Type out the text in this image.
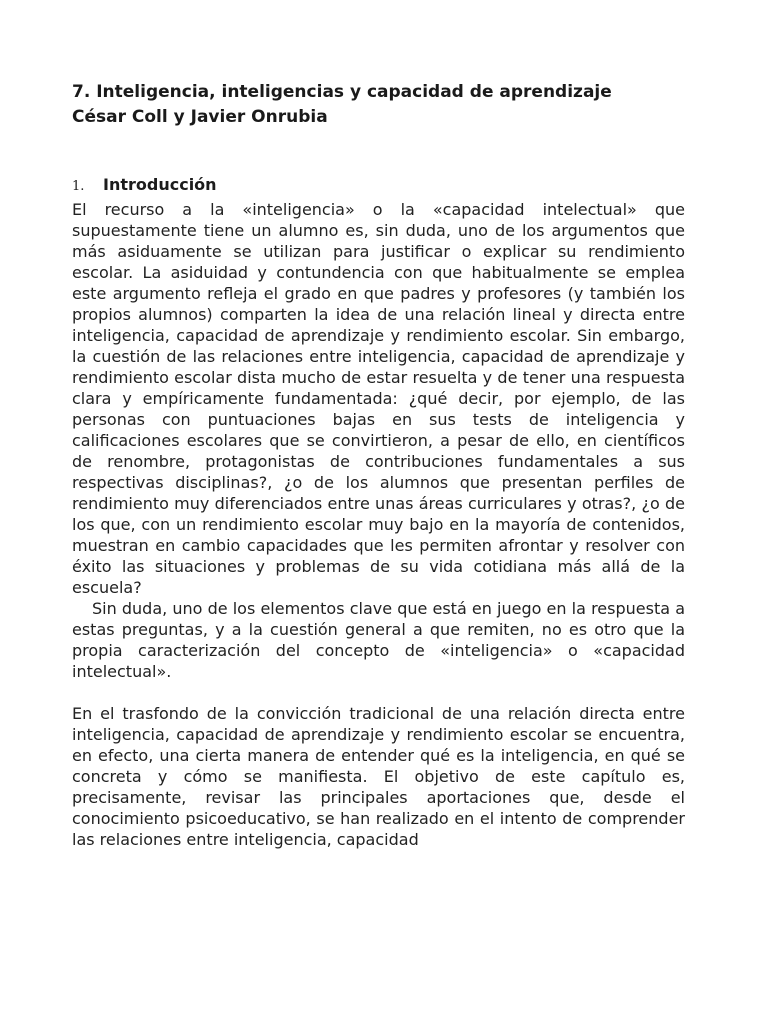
7. Inteligencia, inteligencias y capacidad de aprendizaje
César Coll y Javier Onrubia
1.	Introducción

El recurso a la «inteligencia» o la «capacidad intelectual» que supuestamente tiene un alumno es, sin duda, uno de los argumentos que más asiduamente se utilizan para justificar o explicar su rendimiento escolar. La asiduidad y contundencia con que habitualmente se emplea este argumento refleja el grado en que padres y profesores (y también los propios alumnos) comparten la idea de una relación lineal y directa entre inteligencia, capacidad de aprendizaje y rendimiento escolar. Sin embargo, la cuestión de las relaciones entre inteligencia, capacidad de aprendizaje y rendimiento escolar dista mucho de estar resuelta y de tener una respuesta clara y empíricamente fundamentada: ¿qué decir, por ejemplo, de las personas con puntuaciones bajas en sus tests de inteligencia y calificaciones escolares que se convirtieron, a pesar de ello, en científicos de renombre, protagonistas de contribuciones fundamentales a sus respectivas disciplinas?, ¿o de los alumnos que presentan perfiles de rendimiento muy diferenciados entre unas áreas curriculares y otras?, ¿o de los que, con un rendimiento escolar muy bajo en la mayoría de contenidos, muestran en cambio capacidades que les permiten afrontar y resolver con éxito las situaciones y problemas de su vida cotidiana más allá de la escuela?

Sin duda, uno de los elementos clave que está en juego en la respuesta a estas preguntas, y a la cuestión general a que remiten, no es otro que la propia caracterización del concepto de «inteligencia» o «capacidad intelectual».

En el trasfondo de la convicción tradicional de una relación directa entre inteligencia, capacidad de aprendizaje y rendimiento escolar se encuentra, en efecto, una cierta manera de entender qué es la inteligencia, en qué se concreta y cómo se manifiesta. El objetivo de este capítulo es, precisamente, revisar las principales aportaciones que, desde el conocimiento psicoeducativo, se han realizado en el intento de comprender las relaciones entre inteligencia, capacidad
